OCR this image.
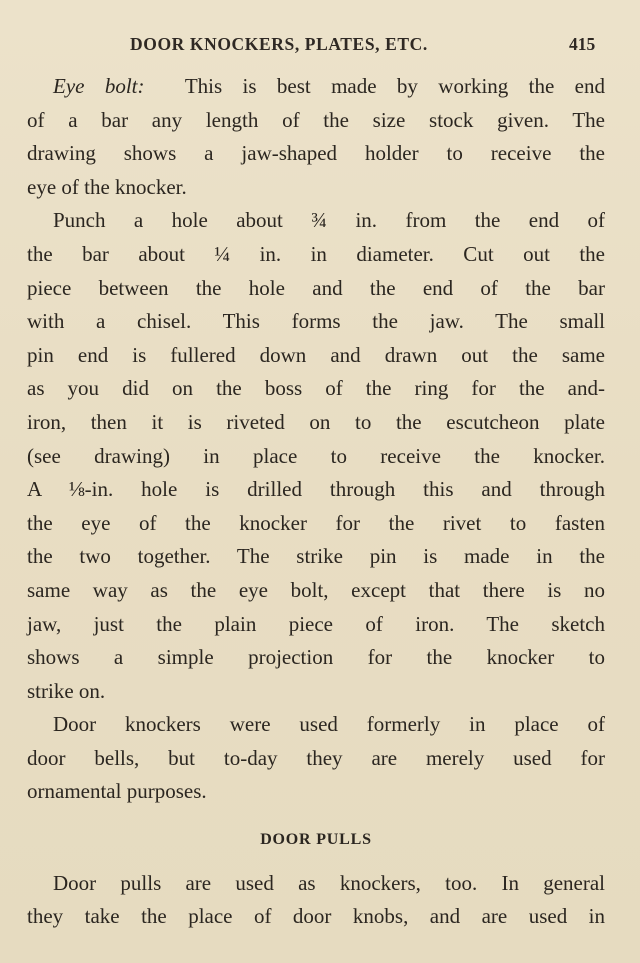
DOOR KNOCKERS, PLATES, ETC.	415
Eye bolt: This is best made by working the end
of a bar any length of the size stock given. The
drawing shows a jaw-shaped holder to receive the
eye of the knocker.
Punch a hole about ¾ in. from the end of
the bar about ¼ in. in diameter. Cut out the
piece between the hole and the end of the bar
with a chisel. This forms the jaw. The small
pin end is fullered down and drawn out the same
as you did on the boss of the ring for the and-
iron, then it is riveted on to the escutcheon plate
(see drawing) in place to receive the knocker.
A ⅛-in. hole is drilled through this and through
the eye of the knocker for the rivet to fasten
the two together. The strike pin is made in the
same way as the eye bolt, except that there is no
jaw, just the plain piece of iron. The sketch
shows a simple projection for the knocker to
strike on.
Door knockers were used formerly in place of
door bells, but to-day they are merely used for
ornamental purposes.
DOOR PULLS
Door pulls are used as knockers, too. In general
they take the place of door knobs, and are used in
